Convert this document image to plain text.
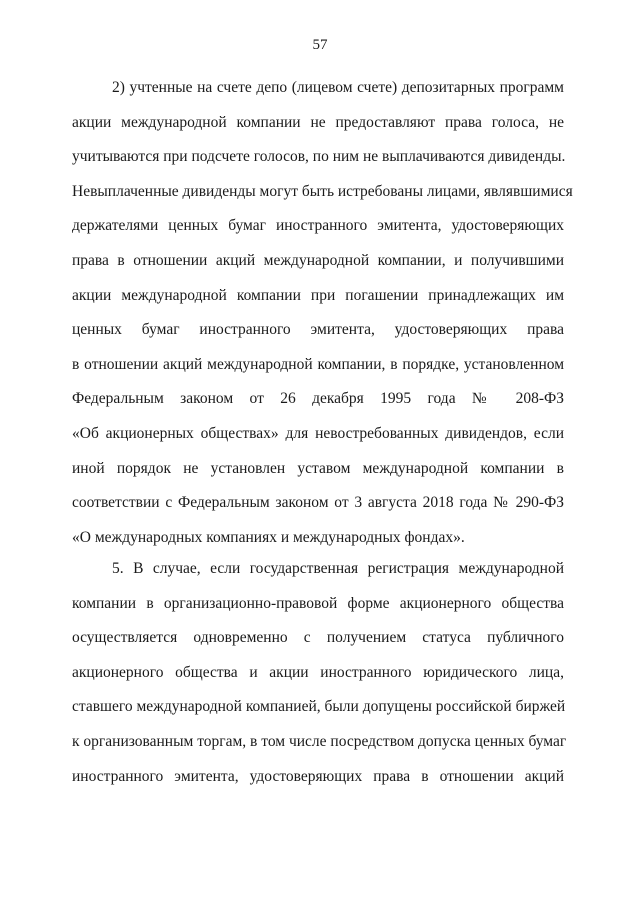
57
2) учтенные на счете депо (лицевом счете) депозитарных программ
акции международной компании не предоставляют права голоса, не
учитываются при подсчете голосов, по ним не выплачиваются дивиденды.
Невыплаченные дивиденды могут быть истребованы лицами, являвшимися
держателями ценных бумаг иностранного эмитента, удостоверяющих
права в отношении акций международной компании, и получившими
акции международной компании при погашении принадлежащих им
ценных бумаг иностранного эмитента, удостоверяющих права
в отношении акций международной компании, в порядке, установленном
Федеральным законом от 26 декабря 1995 года № 208-ФЗ
«Об акционерных обществах» для невостребованных дивидендов, если
иной порядок не установлен уставом международной компании в
соответствии с Федеральным законом от 3 августа 2018 года № 290-ФЗ
«О международных компаниях и международных фондах».
5. В случае, если государственная регистрация международной
компании в организационно-правовой форме акционерного общества
осуществляется одновременно с получением статуса публичного
акционерного общества и акции иностранного юридического лица,
ставшего международной компанией, были допущены российской биржей
к организованным торгам, в том числе посредством допуска ценных бумаг
иностранного эмитента, удостоверяющих права в отношении акций
